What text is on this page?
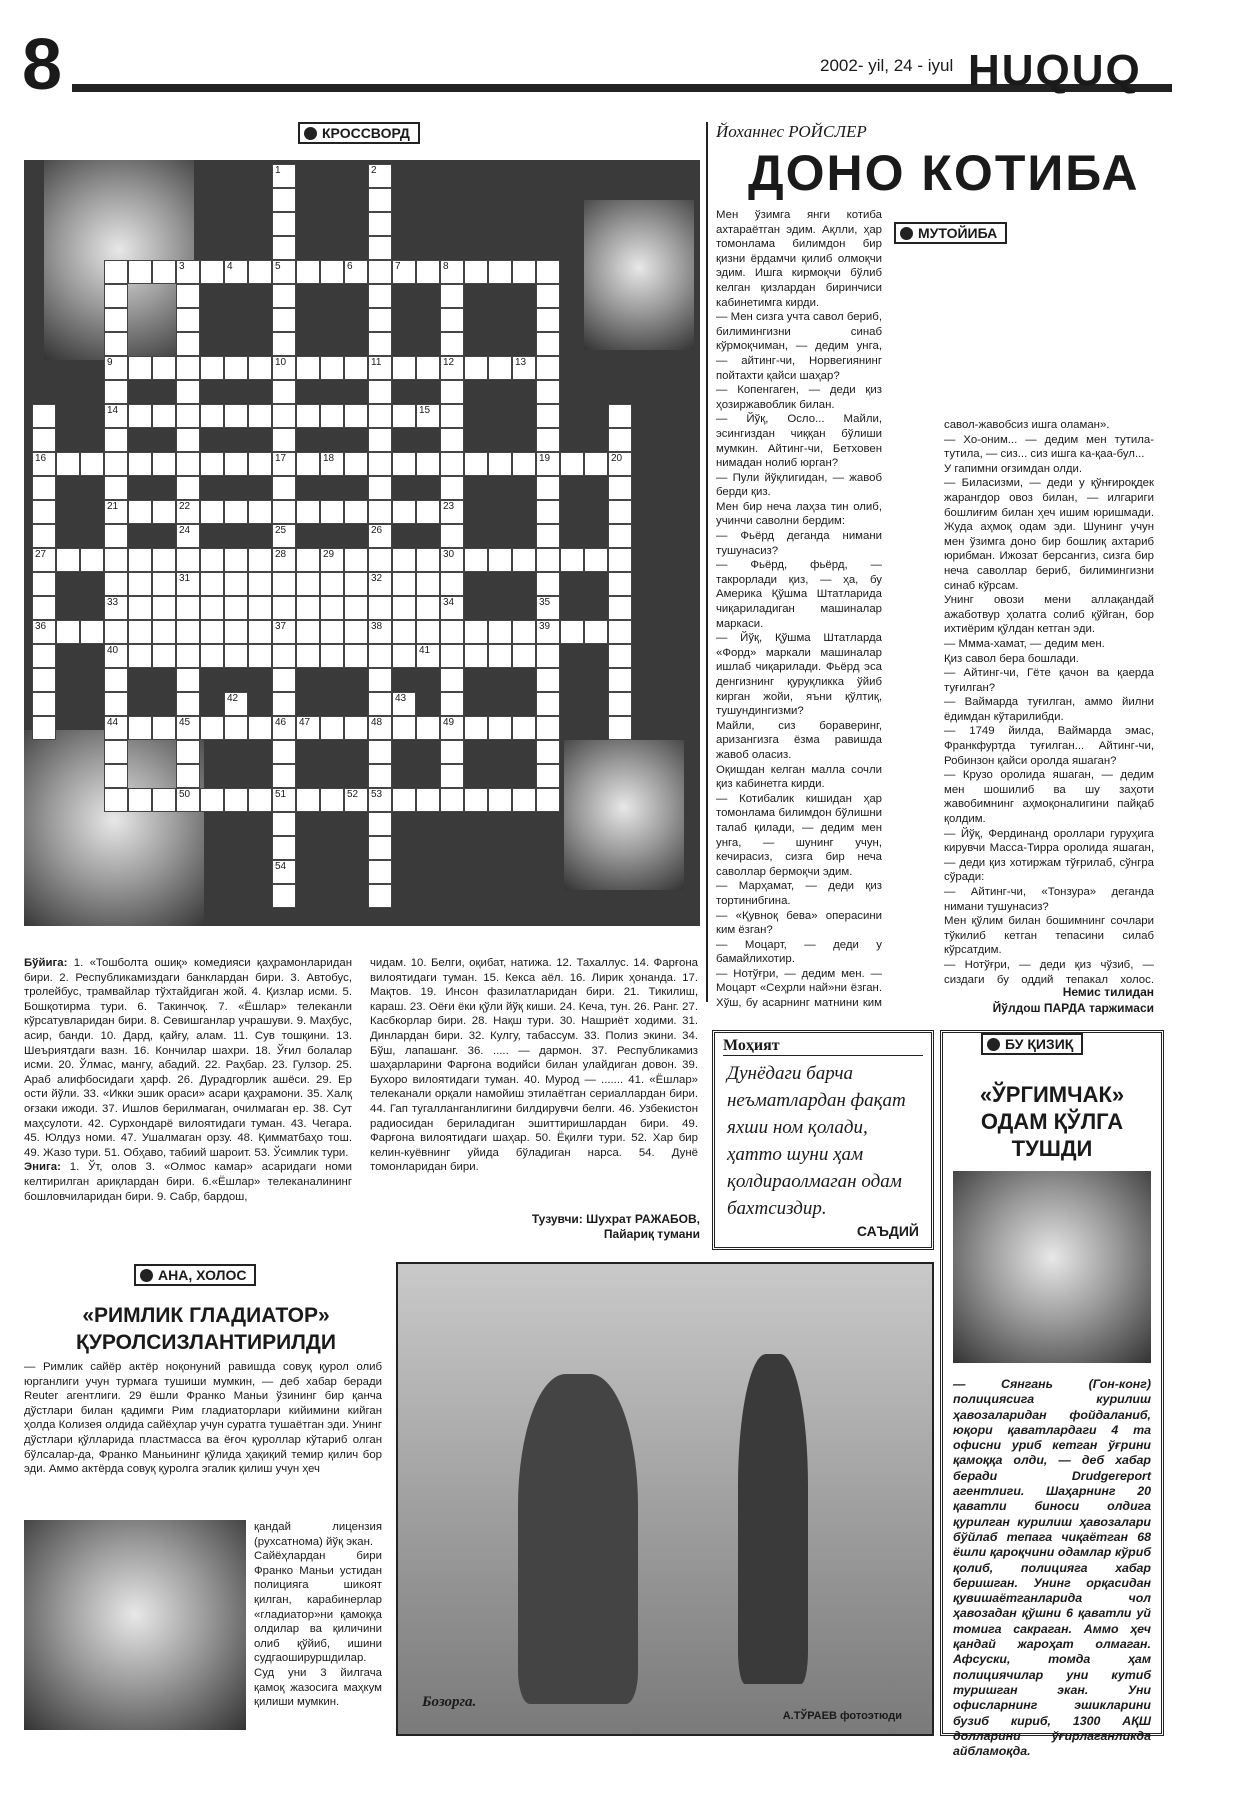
8	2002- yil, 24 - iyul HUQUQ
КРОССВОРД
1	2
3	4	5	6	7	8
9	10	11	12	13
14	15
16	17	18	19	20
21	22	23
24	25	26
27	28	29	30
31	32
33	34	35
36	37	38	39
40	41
42	43
44	45	46	47	48	49
50	51	52	53
54
Бўйига: 1. «Тошболта ошиқ» комедияси қаҳрамонларидан бири. 2. Республикамиздаги банклардан бири. 3. Автобус, тролейбус, трамвайлар тўхтайдиган жой. 4. Қизлар исми. 5. Бошқотирма тури. 6. Такинчоқ. 7. «Ёшлар» телеканли кўрсатувларидан бири. 8. Севишганлар учрашуви. 9. Маҳбус, асир, банди. 10. Дард, қайғу, алам. 11. Сув тошқини. 13. Шеъриятдаги вазн. 16. Кончилар шахри. 18. Ўғил болалар исми. 20. Ўлмас, мангу, абадий. 22. Раҳбар. 23. Гулзор. 25. Араб алифбосидаги ҳарф. 26. Дурадгорлик ашёси. 29. Ер ости йўли. 33. «Икки эшик ораси» асари қаҳрамони. 35. Халқ оғзаки ижоди. 37. Ишлов берилмаган, очилмаган ер. 38. Сут маҳсулоти. 42. Сурхондарё вилоятидаги туман. 43. Чегара. 45. Юлдуз номи. 47. Ушалмаган орзу. 48. Қимматбаҳо тош. 49. Жазо тури. 51. Обҳаво, табиий шароит. 53. Ўсимлик тури.
Энига: 1. Ўт, олов 3. «Олмос камар» асаридаги номи келтирилган ариқлардан бири. 6.«Ёшлар» телеканалининг бошловчиларидан бири. 9. Сабр, бардош,
чидам. 10. Белги, оқибат, натижа. 12. Тахаллус. 14. Фарғона вилоятидаги туман. 15. Кекса аёл. 16. Лирик ҳонанда. 17. Мақтов. 19. Инсон фазилатларидан бири. 21. Тикилиш, караш. 23. Оёғи ёки қўли йўқ киши. 24. Кеча, тун. 26. Ранг. 27. Касбкорлар бири. 28. Нақш тури. 30. Нашриёт ходими. 31. Динлардан бири. 32. Кулгу, табассум. 33. Полиз экини. 34. Бўш, лапашанг. 36. ..... — дармон. 37. Республикамиз шаҳарларини Фарғона водийси билан улайдиган довон. 39. Бухоро вилоятидаги туман. 40. Мурод — ....... 41. «Ёшлар» телеканали орқали намойиш этилаётган сериаллардан бири. 44. Гап тугалланганлигини билдирувчи белги. 46. Узбекистон радиосидан бериладиган эшиттиришлардан бири. 49. Фарғона вилоятидаги шаҳар. 50. Ёқилғи тури. 52. Хар бир келин-куёвнинг уйида бўладиган нарса. 54. Дунё томонларидан бири.
Тузувчи: Шухрат РАЖАБОВ,
Пайариқ тумани
Йоханнес РОЙСЛЕР
ДОНО КОТИБА
МУТОЙИБА
Мен ўзимга янги котиба ахтараётган эдим. Ақлли, ҳар томонлама билимдон бир қизни ёрдамчи қилиб олмоқчи эдим. Ишга кирмоқчи бўлиб келган қизлардан биринчиси кабинетимга кирди.
— Мен сизга учта савол бериб, билимингизни синаб кўрмоқчиман, — дедим унга, — айтинг-чи, Норвегиянинг пойтахти қайси шаҳар?
— Копенгаген, — деди қиз ҳозиржавоблик билан.
— Йўқ, Осло... Майли, эсингиздан чиққан бўлиши мумкин. Айтинг-чи, Бетховен нимадан нолиб юрган?
— Пули йўқлигидан, — жавоб берди қиз.
Мен бир неча лаҳза тин олиб, учинчи саволни бердим:
— Фьёрд деганда нимани тушунасиз?
— Фьёрд, фьёрд, — такрорлади қиз, — ҳа, бу Америка Қўшма Штатларида чиқариладиган машиналар маркаси.
— Йўқ, Қўшма Штатларда «Форд» маркали машиналар ишлаб чиқарилади. Фьёрд эса денгизнинг қуруқликка ўйиб кирган жойи, яъни қўлтиқ, тушундингизми?
Майли, сиз бораверинг, аризангизга ёзма равишда жавоб оласиз.
Оқишдан келган малла сочли қиз кабинетга кирди.
— Котибалик кишидан ҳар томонлама билимдон бўлишни талаб қилади, — дедим мен унга, — шунинг учун, кечирасиз, сизга бир неча саволлар бермоқчи эдим.
— Марҳамат, — деди қиз тортинибгина.
— «Қувноқ бева» операсини ким ёзган?
— Моцарт, — деди у бамайлихотир.
— Нотўғри, — дедим мен. — Моцарт «Сеҳрли най»ни ёзган. Хўш, бу асарнинг матнини ким

савол-жавобсиз ишга оламан».
— Хо-оним... — дедим мен тутила-тутила, — сиз... сиз ишга ка-қаа-бул...
У гапимни оғзимдан олди.
— Биласизми, — деди у қўнғироқдек жарангдор овоз билан, — илгариги бошлиғим билан ҳеч ишим юришмади. Жуда аҳмоқ одам эди. Шунинг учун мен ўзимга доно бир бошлиқ ахтариб юрибман. Ижозат берсангиз, сизга бир неча саволлар бериб, билимингизни синаб кўрсам.
Унинг овози мени аллақандай ажаботвур ҳолатга солиб қўйган, бор ихтиёрим қўлдан кетган эди.
— Ммма-хамат, — дедим мен.
Қиз савол бера бошлади.
— Айтинг-чи, Гёте қачон ва қаерда туғилган?
— Ваймарда туғилган, аммо йилни ёдимдан кўтарилибди.
— 1749 йилда, Ваймарда эмас, Франкфуртда туғилган... Айтинг-чи, Робинзон қайси оролда яшаган?
— Крузо оролида яшаган, — дедим мен шошилиб ва шу заҳоти жавобимнинг аҳмоқоналигини пайқаб қолдим.
— Йўқ, Фердинанд ороллари гуруҳига кирувчи Масса-Тирра оролида яшаган, — деди қиз хотиржам тўғрилаб, сўнгра сўради:
— Айтинг-чи, «Тонзура» деганда нимани тушунасиз?
Мен қўлим билан бошимнинг сочлари тўкилиб кетган тепасини силаб кўрсатдим.
— Нотўғри, — деди қиз чўзиб, — сиздаги бу оддий тепакал холос.
Немис тилидан
Йўлдош ПАРДА таржимаси
Моҳият
Дунёдаги барча неъматлардан фақат яхши ном қолади, ҳатто шуни ҳам қолдираолмаган одам бахтсиздир.
САЪДИЙ
БУ ҚИЗИҚ
«ЎРГИМЧАК»
ОДАМ ҚЎЛГА
ТУШДИ
— Сянгань (Гон-конг) полициясига курилиш ҳавозаларидан фойдаланиб, юқори қаватлардаги 4 та офисни уриб кетган ўғрини қамоққа олди, — деб хабар беради Drudgereport агентлиги. Шаҳарнинг 20 қаватли биноси олдига қурилган курилиш ҳавозалари бўйлаб тепага чиқаётган 68 ёшли қароқчини одамлар кўриб қолиб, полицияга хабар беришган. Унинг орқасидан қувишаётганларида чол ҳавозадан қўшни 6 қаватли уй томига сакраган. Аммо ҳеч қандай жароҳат олмаган. Афсуски, томда ҳам полициячилар уни кутиб туришган экан. Уни офисларнинг эшикларини бузиб кириб, 1300 АҚШ долларини ўғирлаганликда айбламоқда.
АНА, ХОЛОС
«РИМЛИК ГЛАДИАТОР»
ҚУРОЛСИЗЛАНТИРИЛДИ
— Римлик сайёр актёр ноқонуний равишда совуқ қурол олиб юрганлиги учун турмага тушиши мумкин, — деб хабар беради Reuter агентлиги. 29 ёшли Франко Маньи ўзининг бир қанча дўстлари билан қадимги Рим гладиаторлари кийимини кийган ҳолда Колизея олдида сайёҳлар учун суратга тушаётган эди. Унинг дўстлари қўлларида пластмасса ва ёғоч қуроллар кўтариб олган бўлсалар-да, Франко Маньининг қўлида ҳақиқий темир қилич бор эди. Аммо актёрда совуқ қуролга эгалик қилиш учун ҳеч
қандай лицензия (рухсатнома) йўқ экан.
Сайёҳлардан бири Франко Маньи устидан полицияга шикоят қилган, карабинерлар «гладиатор»ни қамоққа олдилар ва қиличини олиб қўйиб, ишини судгаошируршдилар. Суд уни 3 йилгача қамоқ жазосига маҳкум қилиши мумкин.	Бозорга.
А.ТЎРАЕВ фотоэтюди
